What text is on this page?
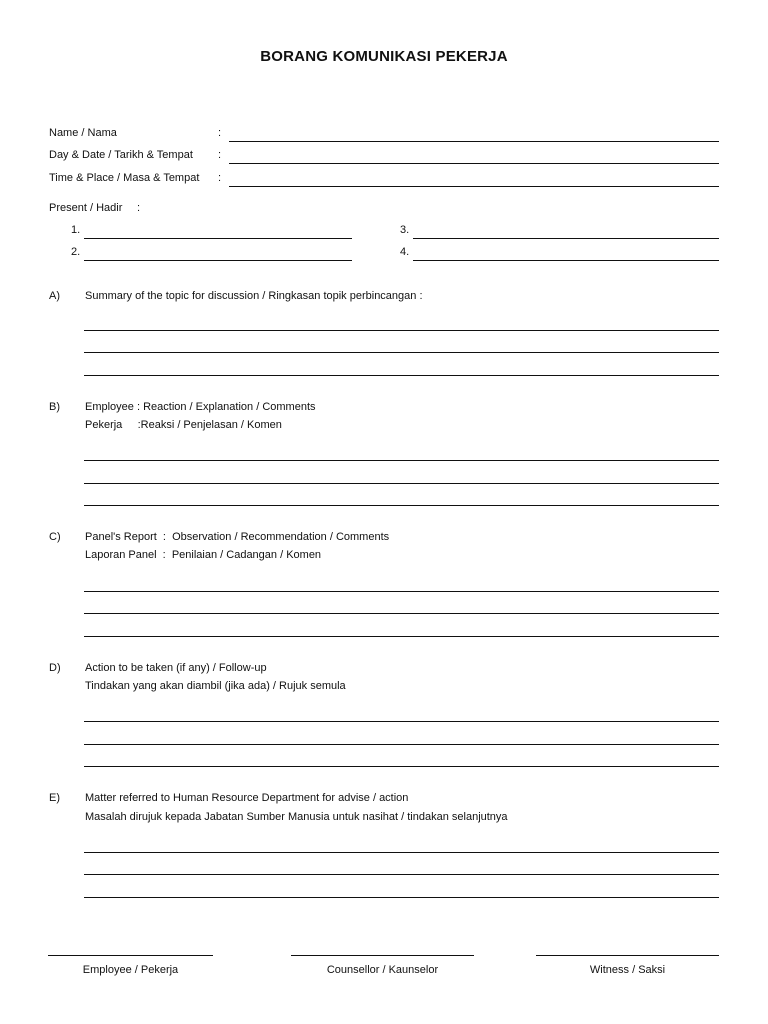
BORANG KOMUNIKASI PEKERJA
Name / Nama	:
Day & Date / Tarikh & Tempat :
Time & Place / Masa & Tempat :
Present / Hadir :
1.
2.
3.
4.
A) Summary of the topic for discussion / Ringkasan topik perbincangan :
B) Employee : Reaction / Explanation / Comments
Pekerja     :Reaksi / Penjelasan / Komen
C) Panel's Report  :  Observation / Recommendation / Comments
Laporan Panel  :  Penilaian / Cadangan / Komen
D) Action to be taken (if any) / Follow-up
Tindakan yang akan diambil (jika ada) / Rujuk semula
E) Matter referred to Human Resource Department for advise / action
Masalah dirujuk kepada Jabatan Sumber Manusia untuk nasihat / tindakan selanjutnya
Employee / Pekerja	Counsellor / Kaunselor	Witness / Saksi
